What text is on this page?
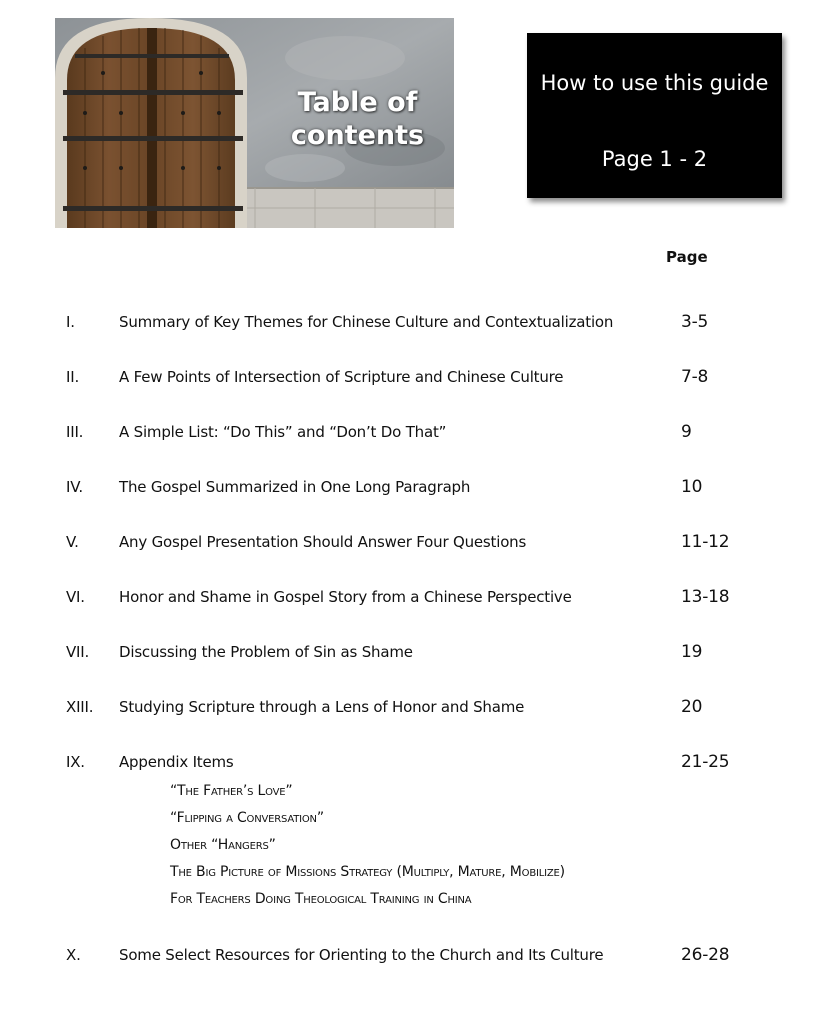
Table of
contents
How to use this guide
Page 1 - 2
Page
I.	Summary of Key Themes for Chinese Culture and Contextualization	3-5
II.	A Few Points of Intersection of Scripture and Chinese Culture	7-8
III. A Simple List: “Do This” and “Don’t Do That”	9
IV. The Gospel Summarized in One Long Paragraph	10
V.	Any Gospel Presentation Should Answer Four Questions	11-12
VI. Honor and Shame in Gospel Story from a Chinese Perspective	13-18
VII. Discussing the Problem of Sin as Shame	19
XIII. Studying Scripture through a Lens of Honor and Shame	20
IX. Appendix Items	21-25
“The Father’s Love”
“Flipping a Conversation”
Other “Hangers”
The Big Picture of Missions Strategy (Multiply, Mature, Mobilize)
For Teachers Doing Theological Training in China
X.	Some Select Resources for Orienting to the Church and Its Culture	26-28
